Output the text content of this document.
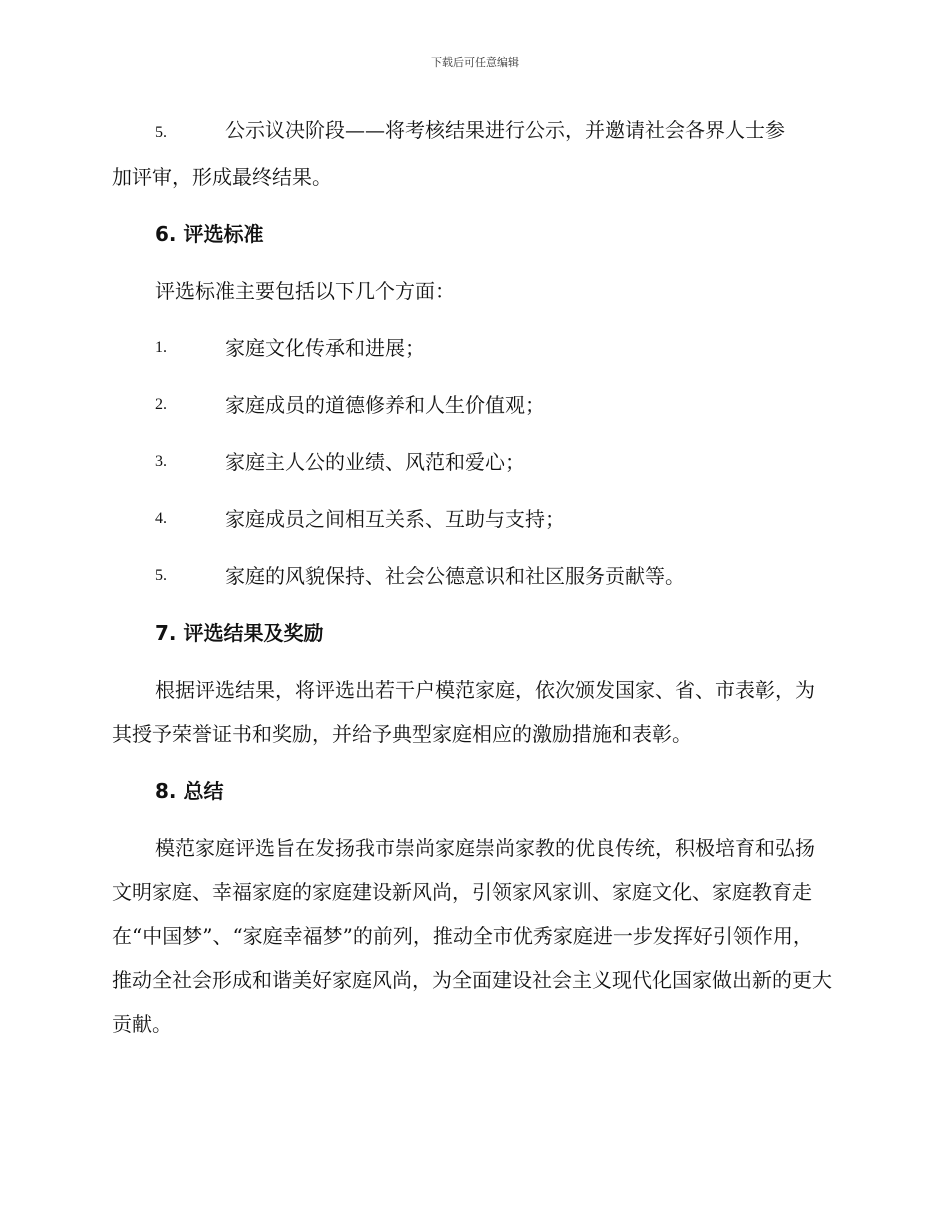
下载后可任意编辑
5.	公示议决阶段——将考核结果进行公示，并邀请社会各界人士参
加评审，形成最终结果。
6. 评选标准
评选标准主要包括以下几个方面：
1.	家庭文化传承和进展；
2.	家庭成员的道德修养和人生价值观；
3.	家庭主人公的业绩、风范和爱心；
4.	家庭成员之间相互关系、互助与支持；
5.	家庭的风貌保持、社会公德意识和社区服务贡献等。
7. 评选结果及奖励
根据评选结果，将评选出若干户模范家庭，依次颁发国家、省、市表彰，为其授予荣誉证书和奖励，并给予典型家庭相应的激励措施和表彰。
8. 总结
模范家庭评选旨在发扬我市崇尚家庭崇尚家教的优良传统，积极培育和弘扬文明家庭、幸福家庭的家庭建设新风尚，引领家风家训、家庭文化、家庭教育走在“中国梦”、“家庭幸福梦”的前列，推动全市优秀家庭进一步发挥好引领作用，推动全社会形成和谐美好家庭风尚，为全面建设社会主义现代化国家做出新的更大贡献。
